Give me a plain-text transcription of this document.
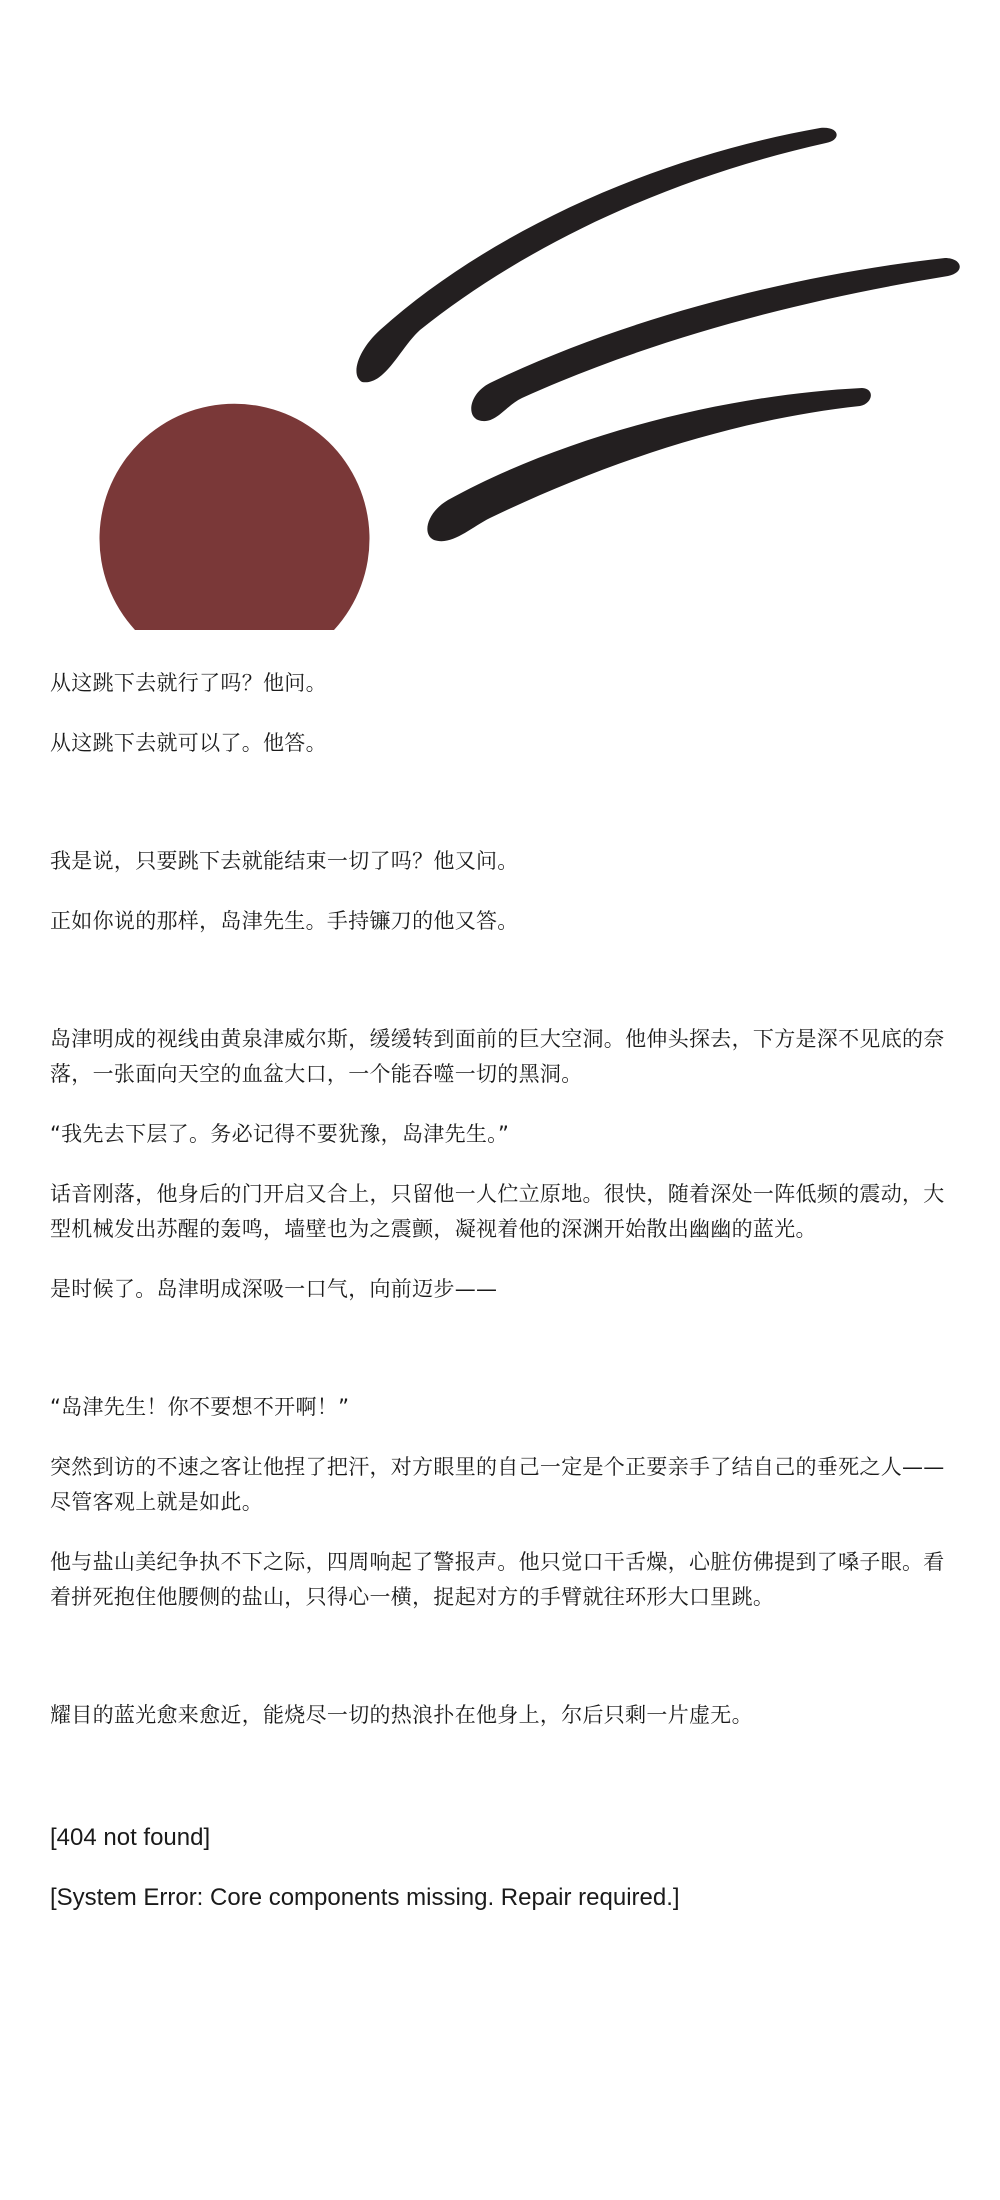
从这跳下去就行了吗？他问。

从这跳下去就可以了。他答。

我是说，只要跳下去就能结束一切了吗？他又问。

正如你说的那样，岛津先生。手持镰刀的他又答。

岛津明成的视线由黄泉津威尔斯，缓缓转到面前的巨大空洞。他伸头探去，下方是深不见底的奈落，一张面向天空的血盆大口，一个能吞噬一切的黑洞。

“我先去下层了。务必记得不要犹豫，岛津先生。”

话音刚落，他身后的门开启又合上，只留他一人伫立原地。很快，随着深处一阵低频的震动，大型机械发出苏醒的轰鸣，墙壁也为之震颤，凝视着他的深渊开始散出幽幽的蓝光。

是时候了。岛津明成深吸一口气，向前迈步——

“岛津先生！你不要想不开啊！”

突然到访的不速之客让他捏了把汗，对方眼里的自己一定是个正要亲手了结自己的垂死之人——尽管客观上就是如此。

他与盐山美纪争执不下之际，四周响起了警报声。他只觉口干舌燥，心脏仿佛提到了嗓子眼。看着拼死抱住他腰侧的盐山，只得心一横，捉起对方的手臂就往环形大口里跳。

耀目的蓝光愈来愈近，能烧尽一切的热浪扑在他身上，尔后只剩一片虚无。

[404 not found]

[System Error: Core components missing. Repair required.]
